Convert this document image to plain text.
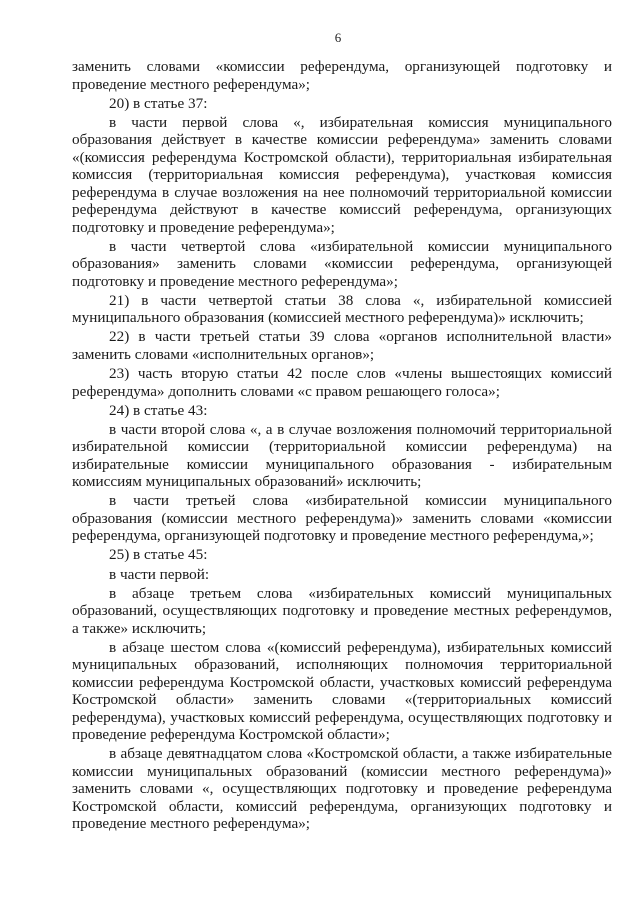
6

заменить словами «комиссии референдума, организующей подготовку и проведение местного референдума»;

20) в статье 37:

в части первой слова «, избирательная комиссия муниципального образования действует в качестве комиссии референдума» заменить словами «(комиссия референдума Костромской области), территориальная избирательная комиссия (территориальная комиссия референдума), участковая комиссия референдума в случае возложения на нее полномочий территориальной комиссии референдума действуют в качестве комиссий референдума, организующих подготовку и проведение референдума»;

в части четвертой слова «избирательной комиссии муниципального образования» заменить словами «комиссии референдума, организующей подготовку и проведение местного референдума»;

21) в части четвертой статьи 38 слова «, избирательной комиссией муниципального образования (комиссией местного референдума)» исключить;

22) в части третьей статьи 39 слова «органов исполнительной власти» заменить словами «исполнительных органов»;

23) часть вторую статьи 42 после слов «члены вышестоящих комиссий референдума» дополнить словами «с правом решающего голоса»;

24) в статье 43:

в части второй слова «, а в случае возложения полномочий территориальной избирательной комиссии (территориальной комиссии референдума) на избирательные комиссии муниципального образования - избирательным комиссиям муниципальных образований» исключить;

в части третьей слова «избирательной комиссии муниципального образования (комиссии местного референдума)» заменить словами «комиссии референдума, организующей подготовку и проведение местного референдума,»;

25) в статье 45:

в части первой:

в абзаце третьем слова «избирательных комиссий муниципальных образований, осуществляющих подготовку и проведение местных референдумов, а также» исключить;

в абзаце шестом слова «(комиссий референдума), избирательных комиссий муниципальных образований, исполняющих полномочия территориальной комиссии референдума Костромской области, участковых комиссий референдума Костромской области» заменить словами «(территориальных комиссий референдума), участковых комиссий референдума, осуществляющих подготовку и проведение референдума Костромской области»;

в абзаце девятнадцатом слова «Костромской области, а также избирательные комиссии муниципальных образований (комиссии местного референдума)» заменить словами «, осуществляющих подготовку и проведение референдума Костромской области, комиссий референдума, организующих подготовку и проведение местного референдума»;
